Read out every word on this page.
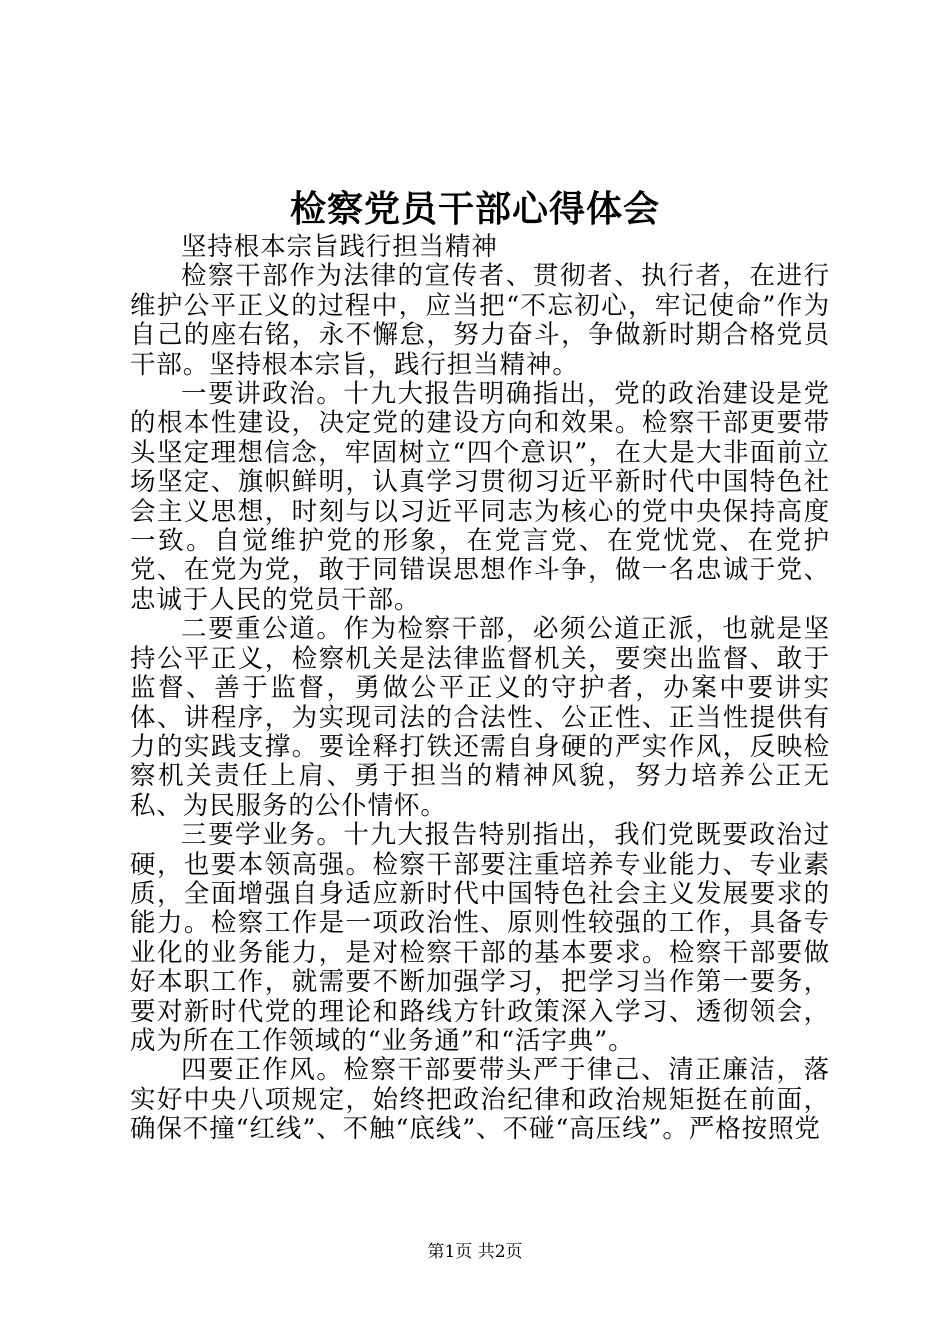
检察党员干部心得体会

坚持根本宗旨践行担当精神

检察干部作为法律的宣传者、贯彻者、执行者，在进行维护公平正义的过程中，应当把“不忘初心，牢记使命”作为自己的座右铭，永不懈怠，努力奋斗，争做新时期合格党员干部。坚持根本宗旨，践行担当精神。

一要讲政治。十九大报告明确指出，党的政治建设是党的根本性建设，决定党的建设方向和效果。检察干部更要带头坚定理想信念，牢固树立“四个意识”，在大是大非面前立场坚定、旗帜鲜明，认真学习贯彻习近平新时代中国特色社会主义思想，时刻与以习近平同志为核心的党中央保持高度一致。自觉维护党的形象，在党言党、在党忧党、在党护党、在党为党，敢于同错误思想作斗争，做一名忠诚于党、忠诚于人民的党员干部。

二要重公道。作为检察干部，必须公道正派，也就是坚持公平正义，检察机关是法律监督机关，要突出监督、敢于监督、善于监督，勇做公平正义的守护者，办案中要讲实体、讲程序，为实现司法的合法性、公正性、正当性提供有力的实践支撑。要诠释打铁还需自身硬的严实作风，反映检察机关责任上肩、勇于担当的精神风貌，努力培养公正无私、为民服务的公仆情怀。

三要学业务。十九大报告特别指出，我们党既要政治过硬，也要本领高强。检察干部要注重培养专业能力、专业素质，全面增强自身适应新时代中国特色社会主义发展要求的能力。检察工作是一项政治性、原则性较强的工作，具备专业化的业务能力，是对检察干部的基本要求。检察干部要做好本职工作，就需要不断加强学习，把学习当作第一要务，要对新时代党的理论和路线方针政策深入学习、透彻领会，成为所在工作领域的“业务通”和“活字典”。

四要正作风。检察干部要带头严于律己、清正廉洁，落实好中央八项规定，始终把政治纪律和政治规矩挺在前面，确保不撞“红线”、不触“底线”、不碰“高压线”。严格按照党

第1页 共2页
